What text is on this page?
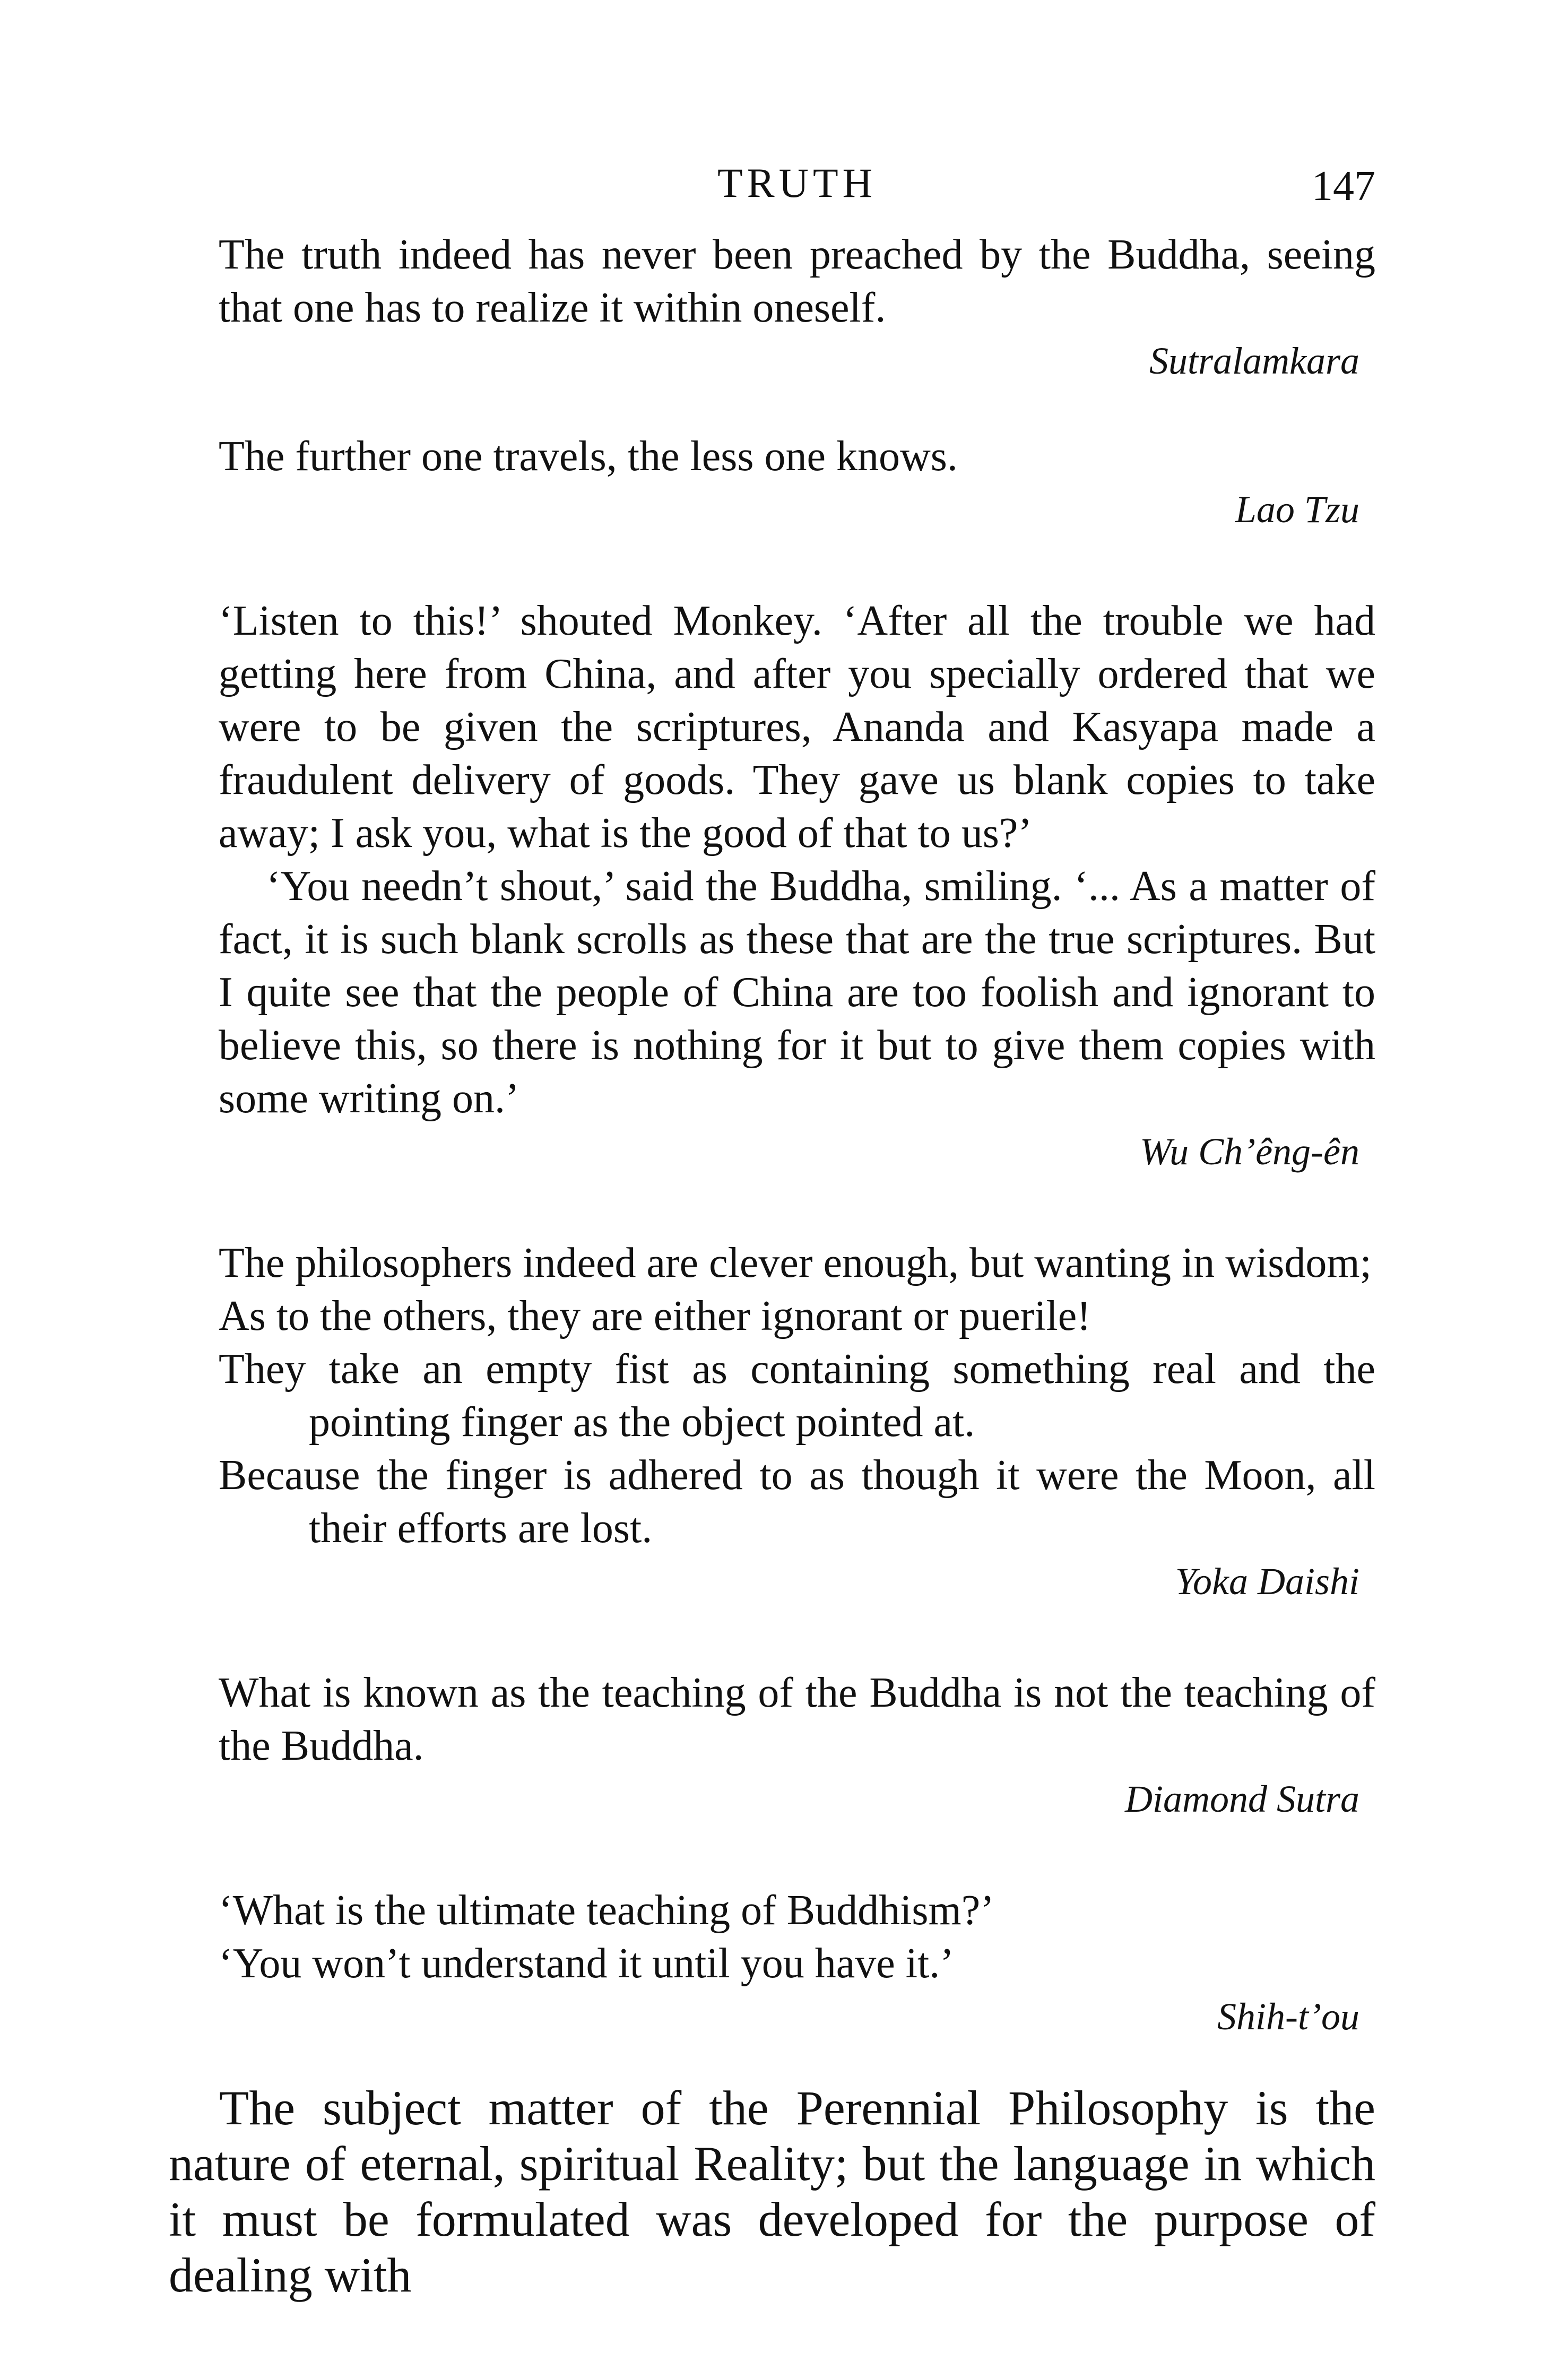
TRUTH	147

The truth indeed has never been preached by the Buddha, seeing that one has to realize it within oneself.

Sutralamkara

The further one travels, the less one knows.

Lao Tzu

‘Listen to this!’ shouted Monkey. ‘After all the trouble we had getting here from China, and after you specially ordered that we were to be given the scriptures, Ananda and Kasyapa made a fraudulent delivery of goods. They gave us blank copies to take away; I ask you, what is the good of that to us?’

‘You needn’t shout,’ said the Buddha, smiling. ‘... As a matter of fact, it is such blank scrolls as these that are the true scriptures. But I quite see that the people of China are too foolish and ignorant to believe this, so there is nothing for it but to give them copies with some writing on.’

Wu Ch’êng-ên
The philosophers indeed are clever enough, but wanting in wisdom;
As to the others, they are either ignorant or puerile!
They take an empty fist as containing something real and the pointing finger as the object pointed at.
Because the finger is adhered to as though it were the Moon, all their efforts are lost.
Yoka Daishi

What is known as the teaching of the Buddha is not the teaching of the Buddha.

Diamond Sutra
‘What is the ultimate teaching of Buddhism?’
‘You won’t understand it until you have it.’
Shih-t’ou

The subject matter of the Perennial Philosophy is the nature of eternal, spiritual Reality; but the language in which it must be formulated was developed for the purpose of dealing with
